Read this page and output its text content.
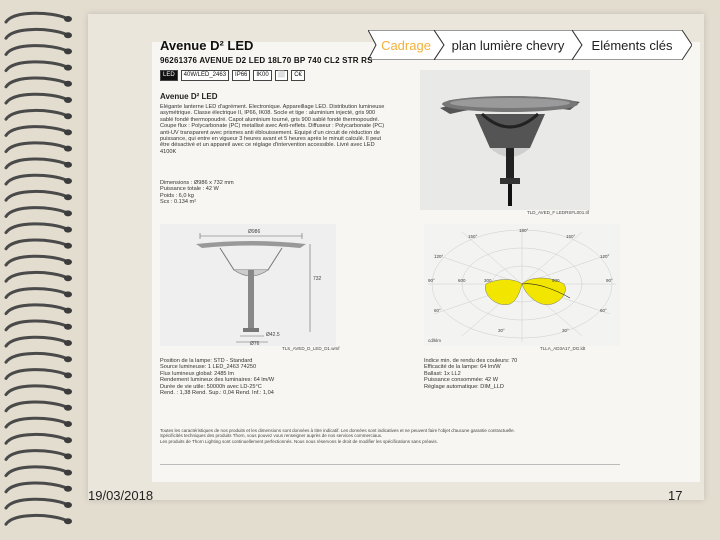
Cadrage plan lumière chevry Eléments clés
Avenue D² LED
96261376 AVENUE D2 LED 18L70 BP 740 CL2 STR RS
LED	40W/LED_2463	IP66	IK00	⬜	C€
Avenue D² LED
Elégante lanterne LED d'agrément. Electronique. Appareillage LED. Distribution lumineuse asymétrique. Classe électrique II, IP66, IK08. Socle et tige : aluminium injecté, gris 900 sablé fondé thermopoudré. Capot aluminium tourné, gris 900 sablé fondé thermopoudré. Coupe flux : Polycarbonate (PC) metallisé avec Anti-reflets. Diffuseur : Polycarbonate (PC) anti-UV transparent avec prismes anti éblouissement. Equipé d'un circuit de réduction de puissance, qui entre en vigueur 3 heures avant et 5 heures après le minuit calculé. Il peut être désactivé et un appareil avec ce réglage d'intervention accessible. Livré avec LED 4100K
Dimensions : Ø986 x 732 mm
Puissance totale : 42 W
Poids : 6,0 kg
Scx : 0.134 m²
TLD_AVED_F LEDRSFL001.tif
Ø986
732
Ø42.5
Ø76
TLS_AVED_D_LED_D1.wmf
180°
150°	150°
120°	120°
90°	90°
60°	60°
30°	30°
cd/klm
300
600	900
TLLA_AD3A17_DG.ldt
Position de la lampe: STD - Standard
Source lumineuse: 1 LED_2463 74250
Flux lumineux global: 2485 lm
Rendement lumineux des luminaires: 64 lm/W
Durée de vie utile: 50000h avec LD-25°C
Rend. : 1,38 Rend. Sup.: 0,04 Rend. Inf.: 1,04
Indice min. de rendu des couleurs: 70
Efficacité de la lampe: 64 lm/W
Ballast: 1x LL2
Puissance consommée: 42 W
Réglage automatique: DIM_LLD
Toutes les caractéristiques de nos produits et les dimensions sont données à titre indicatif. Les données sont indicatives et ne peuvent faire l'objet d'aucune garantie contractuelle.
Spécificités techniques des produits Thorn, vous pouvez vous renseigner auprès de nos services commerciaux.
Les produits de Thorn Lighting sont continuellement perfectionnés. Nous nous réservons le droit de modifier les spécifications sans préavis.
19/03/2018	17
